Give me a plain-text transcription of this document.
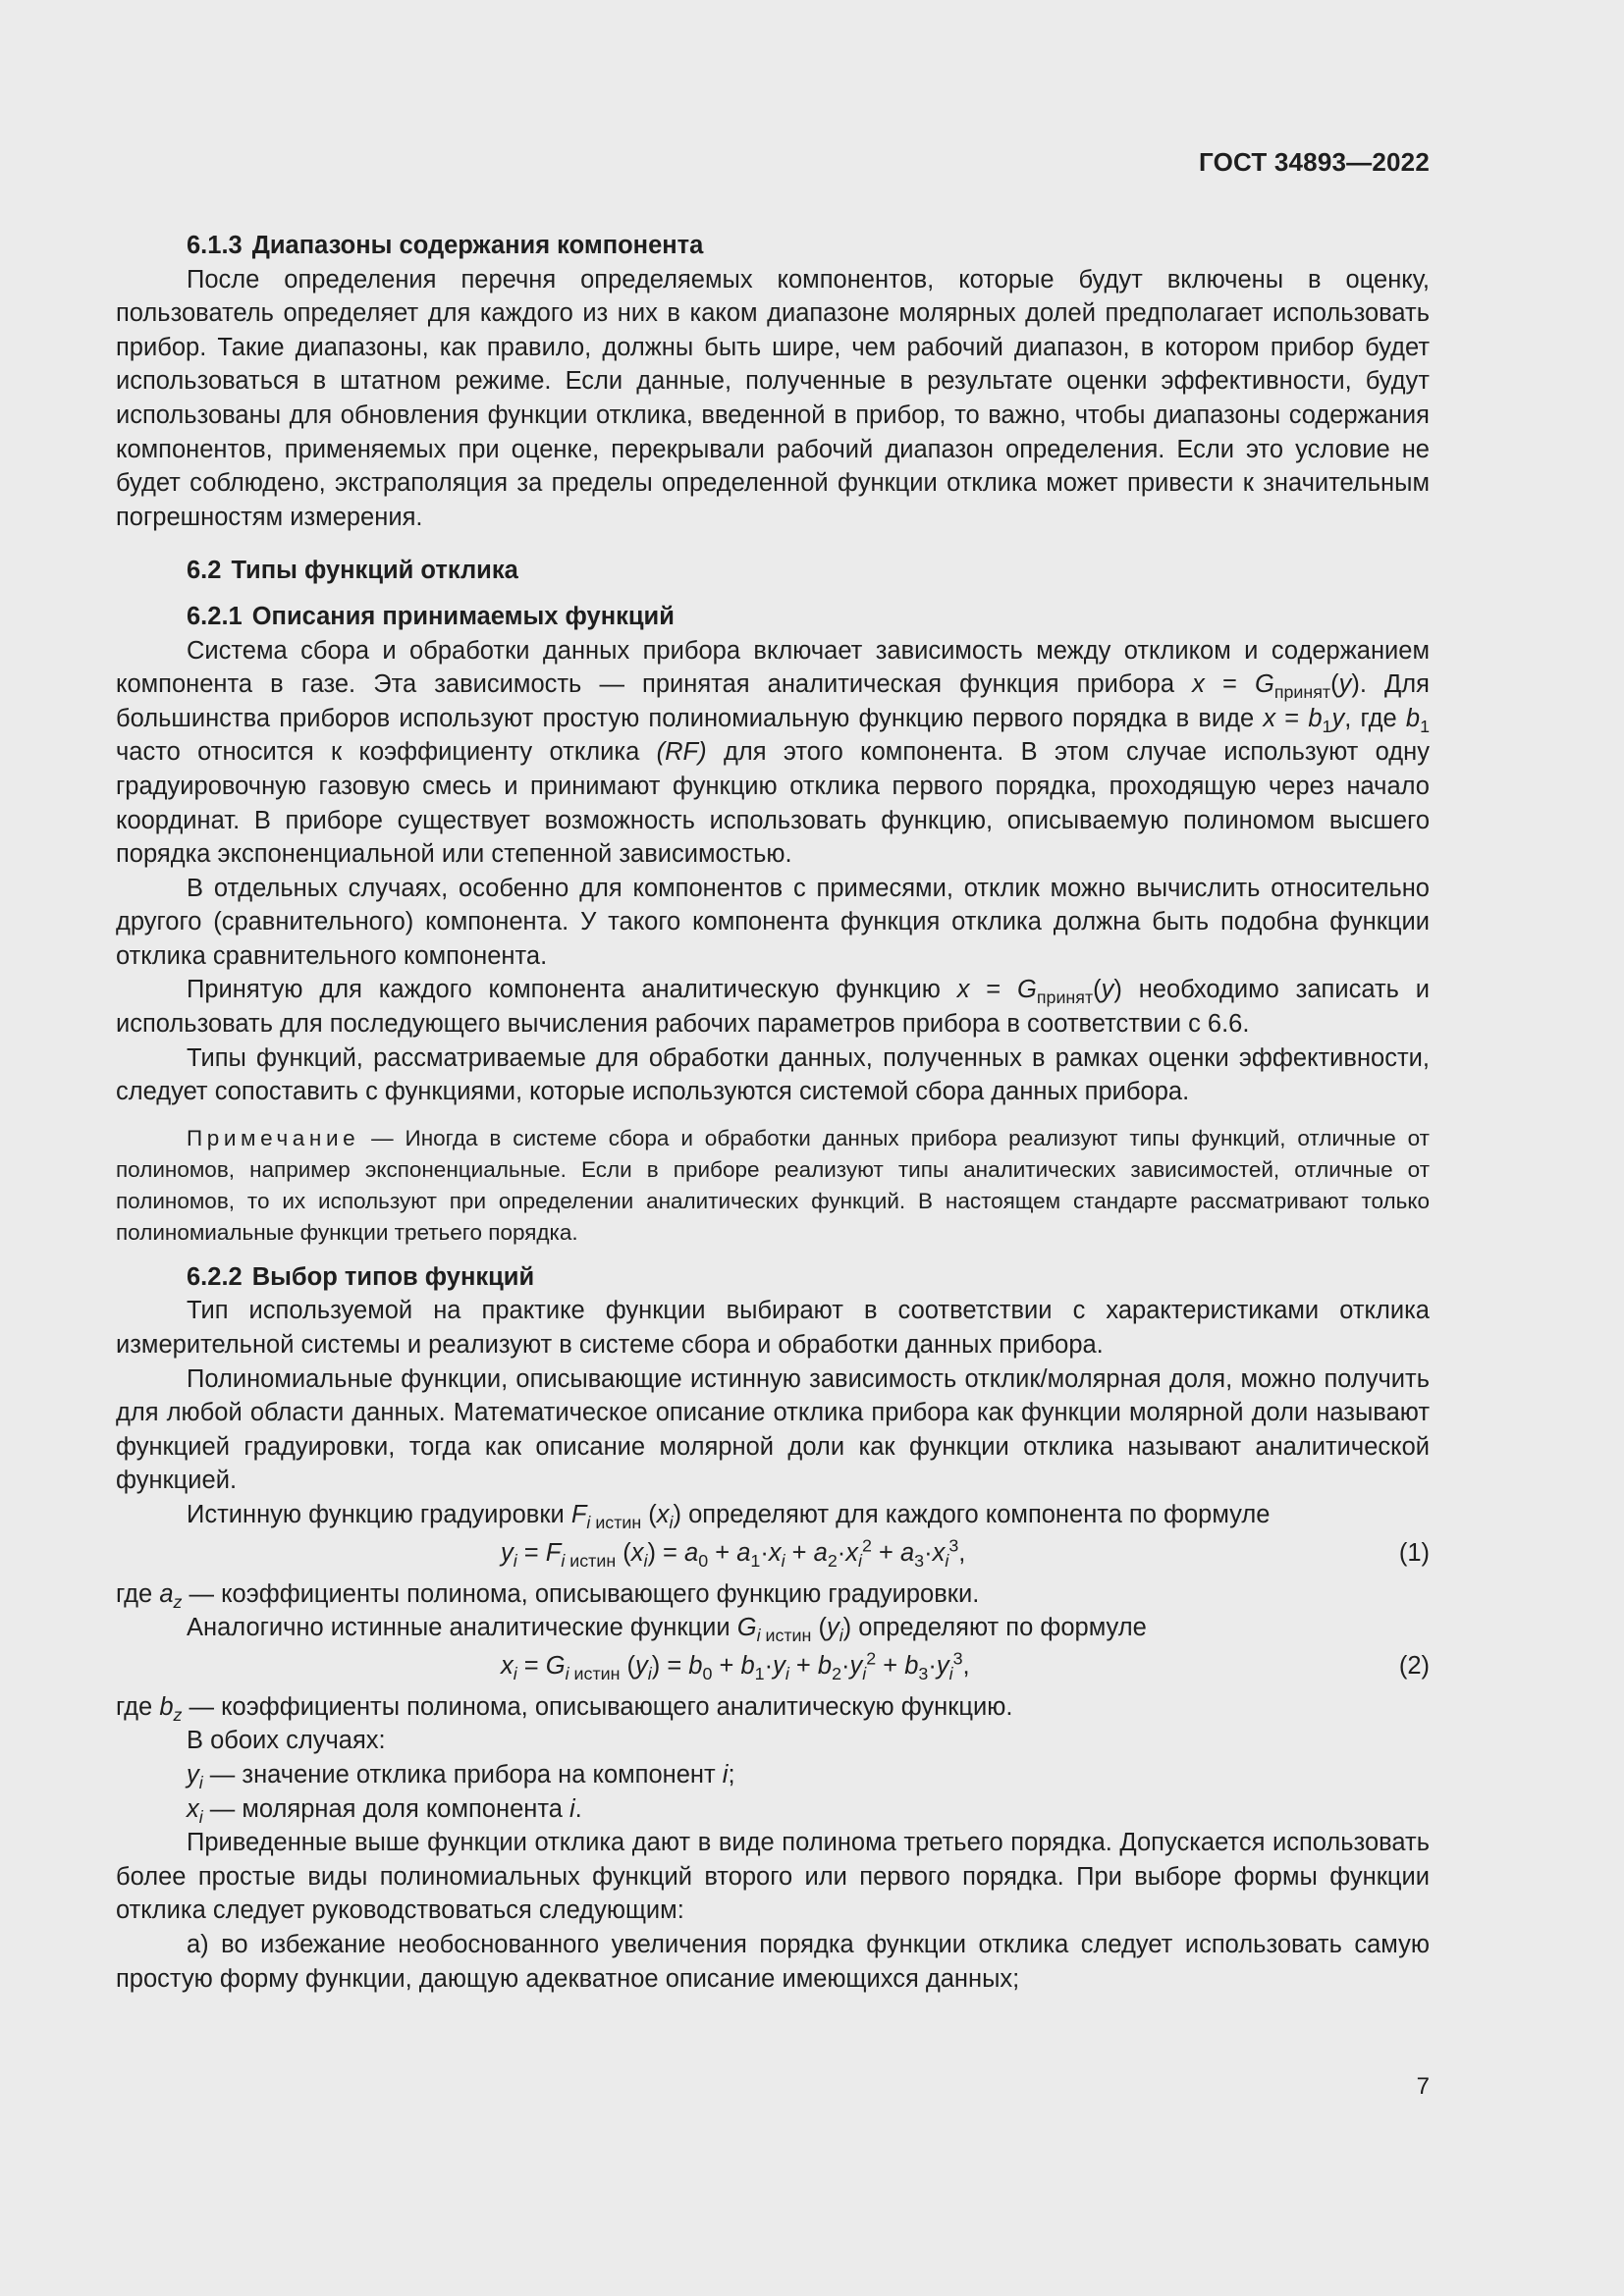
ГОСТ 34893—2022
6.1.3 Диапазоны содержания компонента

После определения перечня определяемых компонентов, которые будут включены в оценку, пользователь определяет для каждого из них в каком диапазоне молярных долей предполагает использовать прибор. Такие диапазоны, как правило, должны быть шире, чем рабочий диапазон, в котором прибор будет использоваться в штатном режиме. Если данные, полученные в результате оценки эффективности, будут использованы для обновления функции отклика, введенной в прибор, то важно, чтобы диапазоны содержания компонентов, применяемых при оценке, перекрывали рабочий диапазон определения. Если это условие не будет соблюдено, экстраполяция за пределы определенной функции отклика может привести к значительным погрешностям измерения.

6.2 Типы функций отклика
6.2.1 Описания принимаемых функций

Система сбора и обработки данных прибора включает зависимость между откликом и содержанием компонента в газе. Эта зависимость — принятая аналитическая функция прибора $x = G_{принят}(y)$. Для большинства приборов используют простую полиномиальную функцию первого порядка в виде $x = b_1y$, где $b_1$ часто относится к коэффициенту отклика (RF) для этого компонента. В этом случае используют одну градуировочную газовую смесь и принимают функцию отклика первого порядка, проходящую через начало координат. В приборе существует возможность использовать функцию, описываемую полиномом высшего порядка экспоненциальной или степенной зависимостью.

В отдельных случаях, особенно для компонентов с примесями, отклик можно вычислить относительно другого (сравнительного) компонента. У такого компонента функция отклика должна быть подобна функции отклика сравнительного компонента.

Принятую для каждого компонента аналитическую функцию $x = G_{принят}(y)$ необходимо записать и использовать для последующего вычисления рабочих параметров прибора в соответствии с 6.6.

Типы функций, рассматриваемые для обработки данных, полученных в рамках оценки эффективности, следует сопоставить с функциями, которые используются системой сбора данных прибора.

Примечание — Иногда в системе сбора и обработки данных прибора реализуют типы функций, отличные от полиномов, например экспоненциальные. Если в приборе реализуют типы аналитических зависимостей, отличные от полиномов, то их используют при определении аналитических функций. В настоящем стандарте рассматривают только полиномиальные функции третьего порядка.

6.2.2 Выбор типов функций

Тип используемой на практике функции выбирают в соответствии с характеристиками отклика измерительной системы и реализуют в системе сбора и обработки данных прибора.

Полиномиальные функции, описывающие истинную зависимость отклик/молярная доля, можно получить для любой области данных. Математическое описание отклика прибора как функции молярной доли называют функцией градуировки, тогда как описание молярной доли как функции отклика называют аналитической функцией.

Истинную функцию градуировки $F_{i истин}$ $(x_i)$ определяют для каждого компонента по формуле

$y_i = F_{i истин}$ $(x_i) = a_0 + a_1\cdot x_i + a_2\cdot x_i^2 + a_3\cdot x_i^3$,	(1)

где $a_z$ — коэффициенты полинома, описывающего функцию градуировки.

Аналогично истинные аналитические функции $G_{i истин}$ $(y_i)$ определяют по формуле

$x_i = G_{i истин}$ $(y_i) = b_0 + b_1\cdot y_i + b_2\cdot y_i^2 + b_3\cdot y_i^3$,	(2)

где $b_z$ — коэффициенты полинома, описывающего аналитическую функцию.

В обоих случаях:

$y_i$ — значение отклика прибора на компонент i;

$x_i$ — молярная доля компонента i.

Приведенные выше функции отклика дают в виде полинома третьего порядка. Допускается использовать более простые виды полиномиальных функций второго или первого порядка. При выборе формы функции отклика следует руководствоваться следующим:

а) во избежание необоснованного увеличения порядка функции отклика следует использовать самую простую форму функции, дающую адекватное описание имеющихся данных;

7
